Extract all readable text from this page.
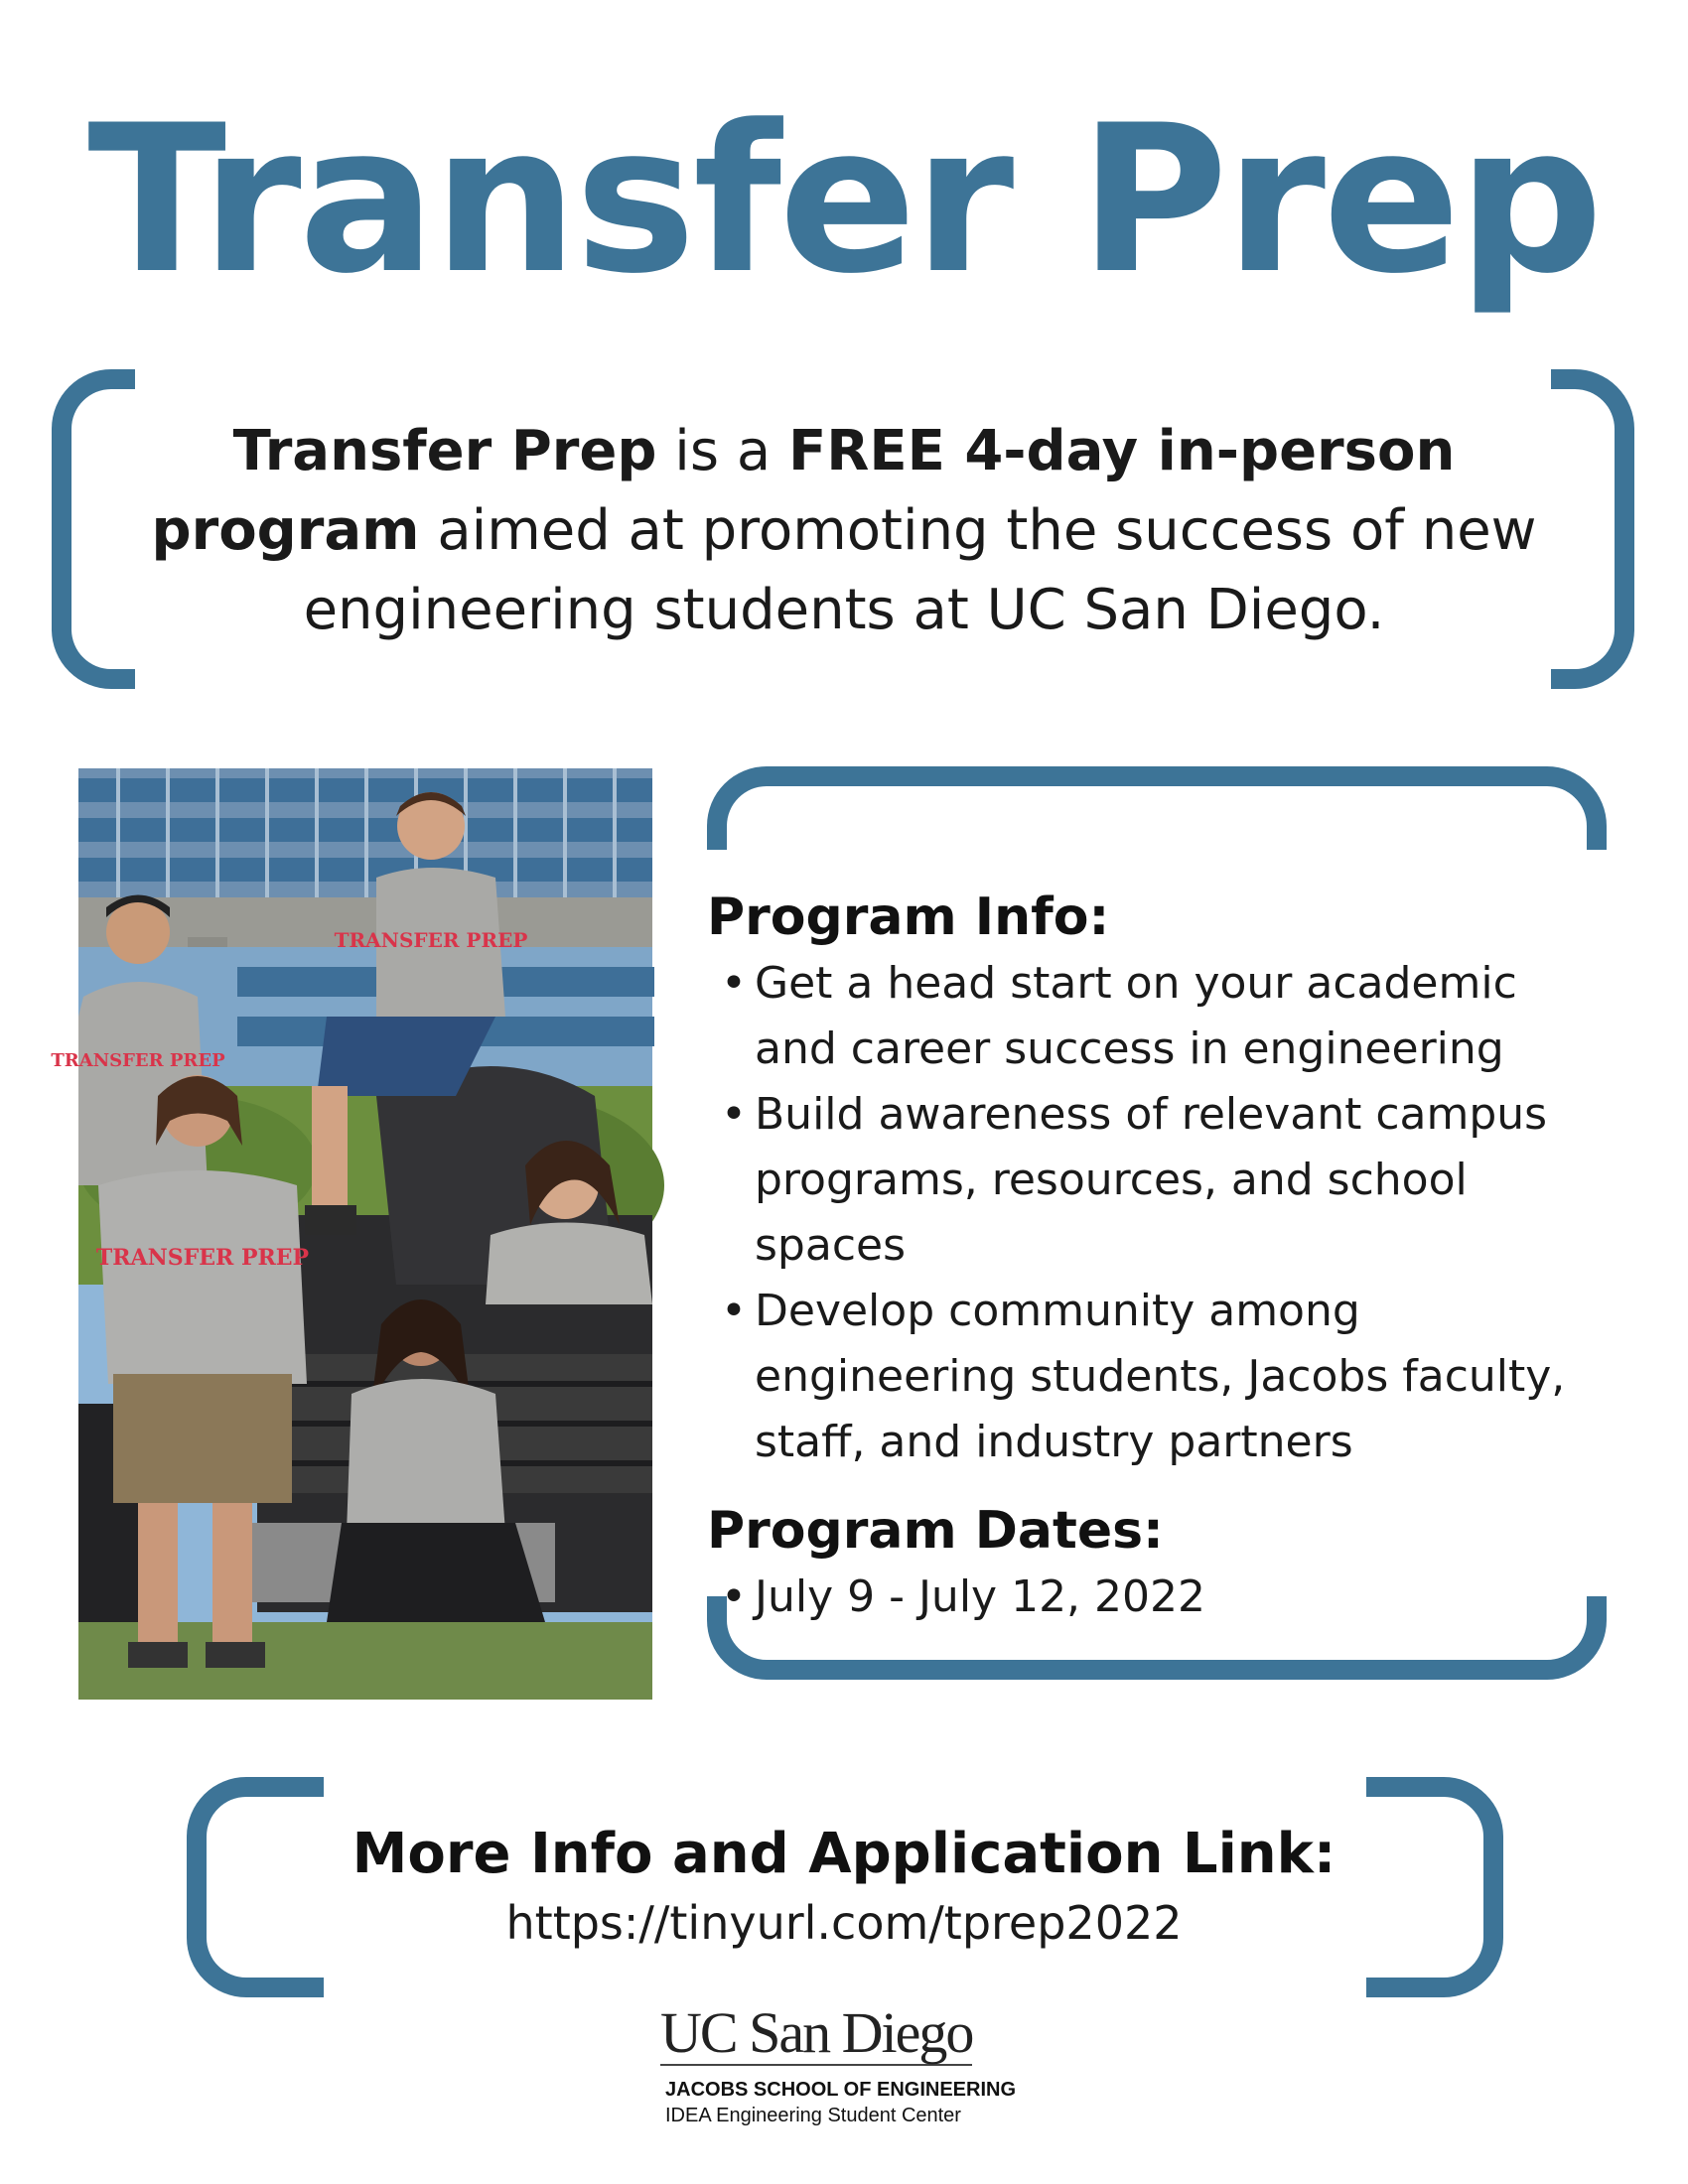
Transfer Prep
Transfer Prep is a FREE 4-day in-person program aimed at promoting the success of new engineering students at UC San Diego.
TRANSFER PREP
TRANSFER PREP
TRANSFER PREP
Program Info:
• Get a head start on your academic and career success in engineering
• Build awareness of relevant campus programs, resources, and school spaces
• Develop community among engineering students, Jacobs faculty, staff, and industry partners
Program Dates:
• July 9 - July 12, 2022
More Info and Application Link:
https://tinyurl.com/tprep2022
UC San Diego
JACOBS SCHOOL OF ENGINEERING
IDEA Engineering Student Center
